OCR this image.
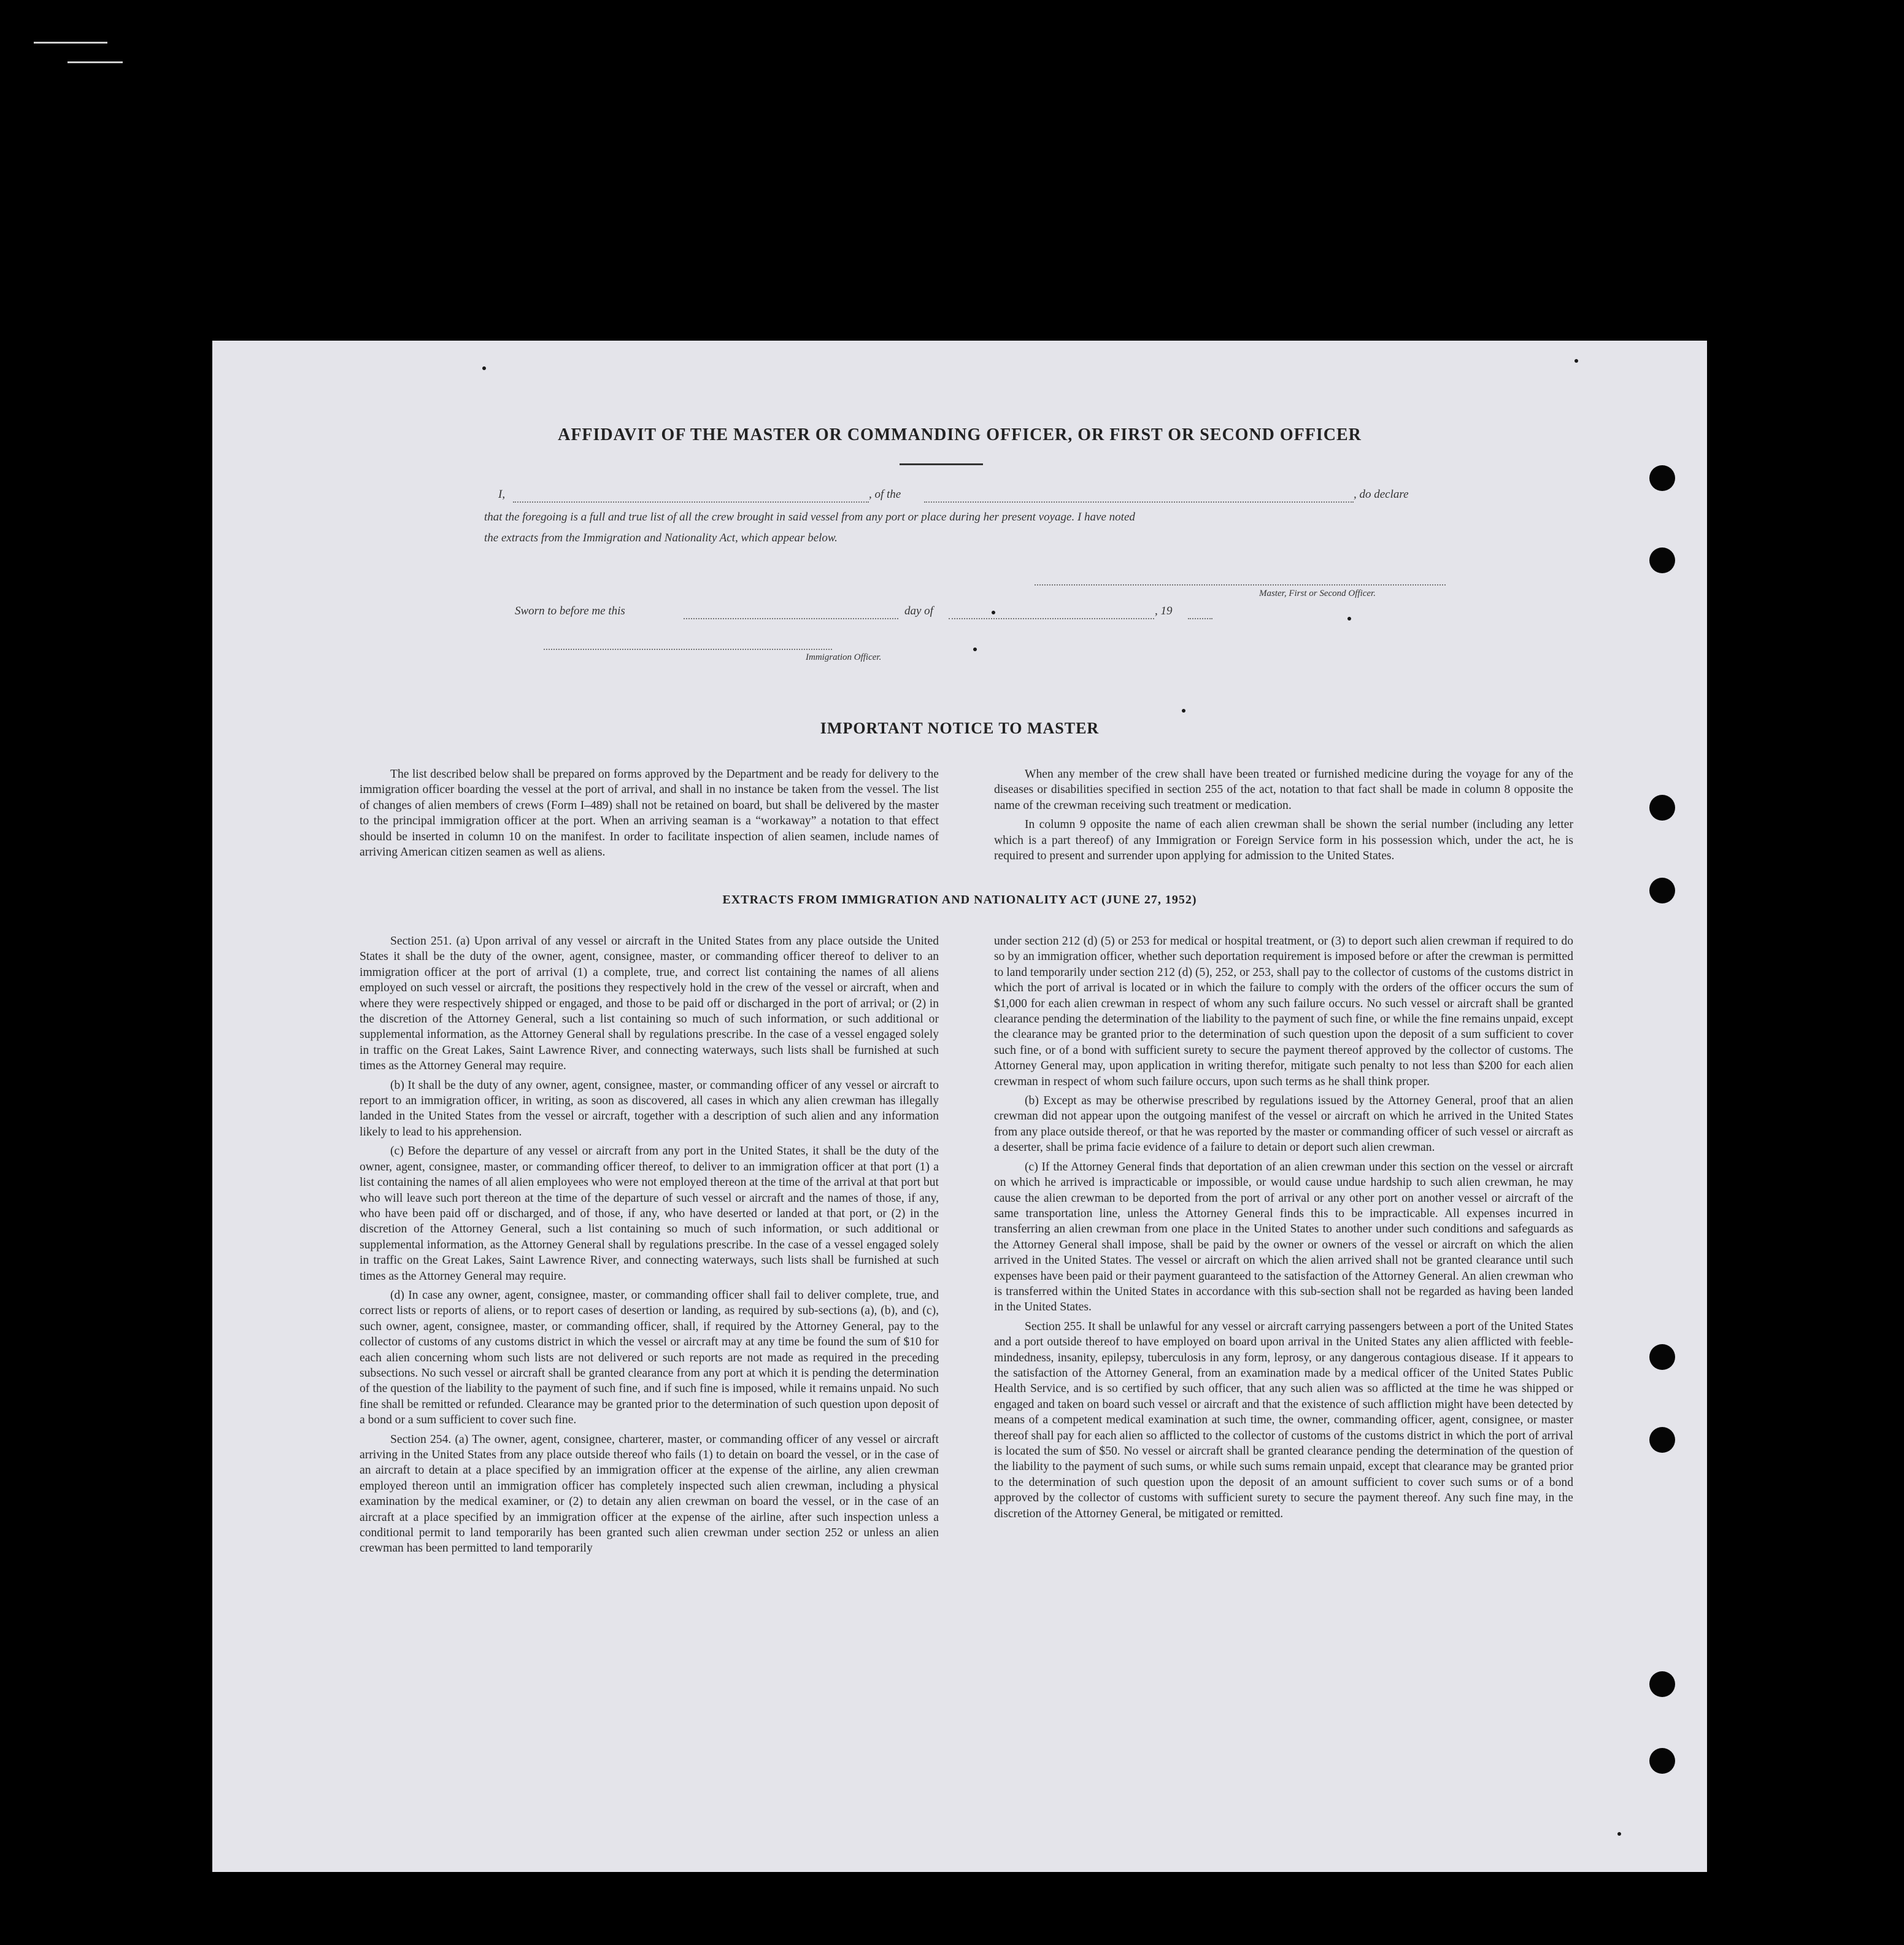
AFFIDAVIT OF THE MASTER OR COMMANDING OFFICER, OR FIRST OR SECOND OFFICER
I,	, of the	, do declare
that the foregoing is a full and true list of all the crew brought in said vessel from any port or place during her present voyage. I have noted
the extracts from the Immigration and Nationality Act, which appear below.
Master, First or Second Officer.
Sworn to before me this	day of	, 19
Immigration Officer.
IMPORTANT NOTICE TO MASTER

The list described below shall be prepared on forms approved by the Department and be ready for delivery to the immigration officer boarding the vessel at the port of arrival, and shall in no instance be taken from the vessel. The list of changes of alien members of crews (Form I–489) shall not be retained on board, but shall be delivered by the master to the principal immigration officer at the port. When an arriving seaman is a “workaway” a notation to that effect should be inserted in column 10 on the manifest. In order to facilitate inspection of alien seamen, include names of arriving American citizen seamen as well as aliens.

When any member of the crew shall have been treated or furnished medicine during the voyage for any of the diseases or disabilities specified in section 255 of the act, notation to that fact shall be made in column 8 opposite the name of the crewman receiving such treatment or medication.

In column 9 opposite the name of each alien crewman shall be shown the serial number (including any letter which is a part thereof) of any Immigration or Foreign Service form in his possession which, under the act, he is required to present and surrender upon applying for admission to the United States.

EXTRACTS FROM IMMIGRATION AND NATIONALITY ACT (JUNE 27, 1952)

Section 251. (a) Upon arrival of any vessel or aircraft in the United States from any place outside the United States it shall be the duty of the owner, agent, consignee, master, or commanding officer thereof to deliver to an immigration officer at the port of arrival (1) a complete, true, and correct list containing the names of all aliens employed on such vessel or aircraft, the positions they respectively hold in the crew of the vessel or aircraft, when and where they were respectively shipped or engaged, and those to be paid off or discharged in the port of arrival; or (2) in the discretion of the Attorney General, such a list containing so much of such information, or such additional or supplemental information, as the Attorney General shall by regulations prescribe. In the case of a vessel engaged solely in traffic on the Great Lakes, Saint Lawrence River, and connecting waterways, such lists shall be furnished at such times as the Attorney General may require.

(b) It shall be the duty of any owner, agent, consignee, master, or commanding officer of any vessel or aircraft to report to an immigration officer, in writing, as soon as discovered, all cases in which any alien crewman has illegally landed in the United States from the vessel or aircraft, together with a description of such alien and any information likely to lead to his apprehension.

(c) Before the departure of any vessel or aircraft from any port in the United States, it shall be the duty of the owner, agent, consignee, master, or commanding officer thereof, to deliver to an immigration officer at that port (1) a list containing the names of all alien employees who were not employed thereon at the time of the arrival at that port but who will leave such port thereon at the time of the departure of such vessel or aircraft and the names of those, if any, who have been paid off or discharged, and of those, if any, who have deserted or landed at that port, or (2) in the discretion of the Attorney General, such a list containing so much of such information, or such additional or supplemental information, as the Attorney General shall by regulations prescribe. In the case of a vessel engaged solely in traffic on the Great Lakes, Saint Lawrence River, and connecting waterways, such lists shall be furnished at such times as the Attorney General may require.

(d) In case any owner, agent, consignee, master, or commanding officer shall fail to deliver complete, true, and correct lists or reports of aliens, or to report cases of desertion or landing, as required by sub-sections (a), (b), and (c), such owner, agent, consignee, master, or commanding officer, shall, if required by the Attorney General, pay to the collector of customs of any customs district in which the vessel or aircraft may at any time be found the sum of $10 for each alien concerning whom such lists are not delivered or such reports are not made as required in the preceding subsections. No such vessel or aircraft shall be granted clearance from any port at which it is pending the determination of the question of the liability to the payment of such fine, and if such fine is imposed, while it remains unpaid. No such fine shall be remitted or refunded. Clearance may be granted prior to the determination of such question upon deposit of a bond or a sum sufficient to cover such fine.

Section 254. (a) The owner, agent, consignee, charterer, master, or commanding officer of any vessel or aircraft arriving in the United States from any place outside thereof who fails (1) to detain on board the vessel, or in the case of an aircraft to detain at a place specified by an immigration officer at the expense of the airline, any alien crewman employed thereon until an immigration officer has completely inspected such alien crewman, including a physical examination by the medical examiner, or (2) to detain any alien crewman on board the vessel, or in the case of an aircraft at a place specified by an immigration officer at the expense of the airline, after such inspection unless a conditional permit to land temporarily has been granted such alien crewman under section 252 or unless an alien crewman has been permitted to land temporarily

under section 212 (d) (5) or 253 for medical or hospital treatment, or (3) to deport such alien crewman if required to do so by an immigration officer, whether such deportation requirement is imposed before or after the crewman is permitted to land temporarily under section 212 (d) (5), 252, or 253, shall pay to the collector of customs of the customs district in which the port of arrival is located or in which the failure to comply with the orders of the officer occurs the sum of $1,000 for each alien crewman in respect of whom any such failure occurs. No such vessel or aircraft shall be granted clearance pending the determination of the liability to the payment of such fine, or while the fine remains unpaid, except the clearance may be granted prior to the determination of such question upon the deposit of a sum sufficient to cover such fine, or of a bond with sufficient surety to secure the payment thereof approved by the collector of customs. The Attorney General may, upon application in writing therefor, mitigate such penalty to not less than $200 for each alien crewman in respect of whom such failure occurs, upon such terms as he shall think proper.

(b) Except as may be otherwise prescribed by regulations issued by the Attorney General, proof that an alien crewman did not appear upon the outgoing manifest of the vessel or aircraft on which he arrived in the United States from any place outside thereof, or that he was reported by the master or commanding officer of such vessel or aircraft as a deserter, shall be prima facie evidence of a failure to detain or deport such alien crewman.

(c) If the Attorney General finds that deportation of an alien crewman under this section on the vessel or aircraft on which he arrived is impracticable or impossible, or would cause undue hardship to such alien crewman, he may cause the alien crewman to be deported from the port of arrival or any other port on another vessel or aircraft of the same transportation line, unless the Attorney General finds this to be impracticable. All expenses incurred in transferring an alien crewman from one place in the United States to another under such conditions and safeguards as the Attorney General shall impose, shall be paid by the owner or owners of the vessel or aircraft on which the alien arrived in the United States. The vessel or aircraft on which the alien arrived shall not be granted clearance until such expenses have been paid or their payment guaranteed to the satisfaction of the Attorney General. An alien crewman who is transferred within the United States in accordance with this sub-section shall not be regarded as having been landed in the United States.

Section 255. It shall be unlawful for any vessel or aircraft carrying passengers between a port of the United States and a port outside thereof to have employed on board upon arrival in the United States any alien afflicted with feeble-mindedness, insanity, epilepsy, tuberculosis in any form, leprosy, or any dangerous contagious disease. If it appears to the satisfaction of the Attorney General, from an examination made by a medical officer of the United States Public Health Service, and is so certified by such officer, that any such alien was so afflicted at the time he was shipped or engaged and taken on board such vessel or aircraft and that the existence of such affliction might have been detected by means of a competent medical examination at such time, the owner, commanding officer, agent, consignee, or master thereof shall pay for each alien so afflicted to the collector of customs of the customs district in which the port of arrival is located the sum of $50. No vessel or aircraft shall be granted clearance pending the determination of the question of the liability to the payment of such sums, or while such sums remain unpaid, except that clearance may be granted prior to the determination of such question upon the deposit of an amount sufficient to cover such sums or of a bond approved by the collector of customs with sufficient surety to secure the payment thereof. Any such fine may, in the discretion of the Attorney General, be mitigated or remitted.
